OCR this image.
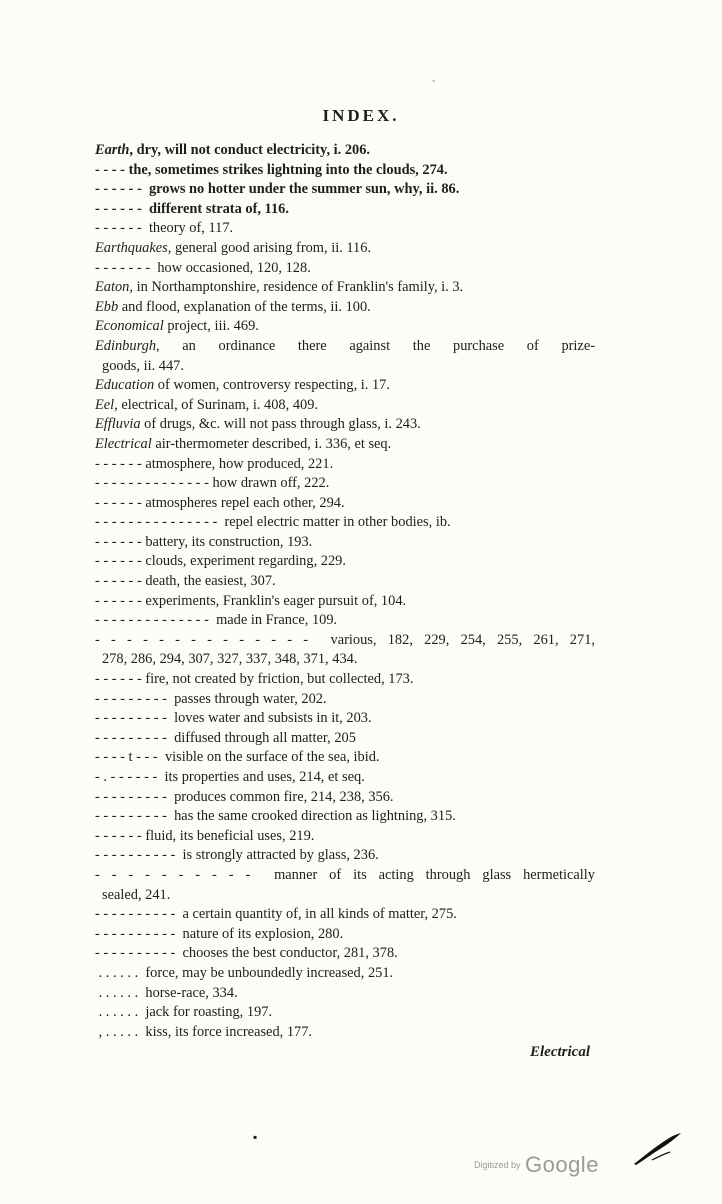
ˋ
INDEX.
Earth, dry, will not conduct electricity, i. 206.
- - - - the, sometimes strikes lightning into the clouds, 274.
- - - - - -  grows no hotter under the summer sun, why, ii. 86.
- - - - - -  different strata of, 116.
- - - - - -  theory of, 117.
Earthquakes, general good arising from, ii. 116.
- - - - - - -  how occasioned, 120, 128.
Eaton, in Northamptonshire, residence of Franklin's family, i. 3.
Ebb and flood, explanation of the terms, ii. 100.
Economical project, iii. 469.
Edinburgh, an ordinance there against the purchase of prize-
goods, ii. 447.
Education of women, controversy respecting, i. 17.
Eel, electrical, of Surinam, i. 408, 409.
Effluvia of drugs, &c. will not pass through glass, i. 243.
Electrical air-thermometer described, i. 336, et seq.
- - - - - - atmosphere, how produced, 221.
- - - - - - - - - - - - - - how drawn off, 222.
- - - - - - atmospheres repel each other, 294.
- - - - - - - - - - - - - - -  repel electric matter in other bodies, ib.
- - - - - - battery, its construction, 193.
- - - - - - clouds, experiment regarding, 229.
- - - - - - death, the easiest, 307.
- - - - - - experiments, Franklin's eager pursuit of, 104.
- - - - - - - - - - - - - -  made in France, 109.
- - - - - - - - - - - - - -  various, 182, 229, 254, 255, 261, 271,
278, 286, 294, 307, 327, 337, 348, 371, 434.
- - - - - - fire, not created by friction, but collected, 173.
- - - - - - - - -  passes through water, 202.
- - - - - - - - -  loves water and subsists in it, 203.
- - - - - - - - -  diffused through all matter, 205
- - - - t - - -  visible on the surface of the sea, ibid.
- . - - - - - -  its properties and uses, 214, et seq.
- - - - - - - - -  produces common fire, 214, 238, 356.
- - - - - - - - -  has the same crooked direction as lightning, 315.
- - - - - - fluid, its beneficial uses, 219.
- - - - - - - - - -  is strongly attracted by glass, 236.
- - - - - - - - - -  manner of its acting through glass hermetically
sealed, 241.
- - - - - - - - - -  a certain quantity of, in all kinds of matter, 275.
- - - - - - - - - -  nature of its explosion, 280.
- - - - - - - - - -  chooses the best conductor, 281, 378.
. . . . . .  force, may be unboundedly increased, 251.
. . . . . .  horse-race, 334.
. . . . . .  jack for roasting, 197.
, . . . . .  kiss, its force increased, 177.
Electrical
▪
Digitized by Google
